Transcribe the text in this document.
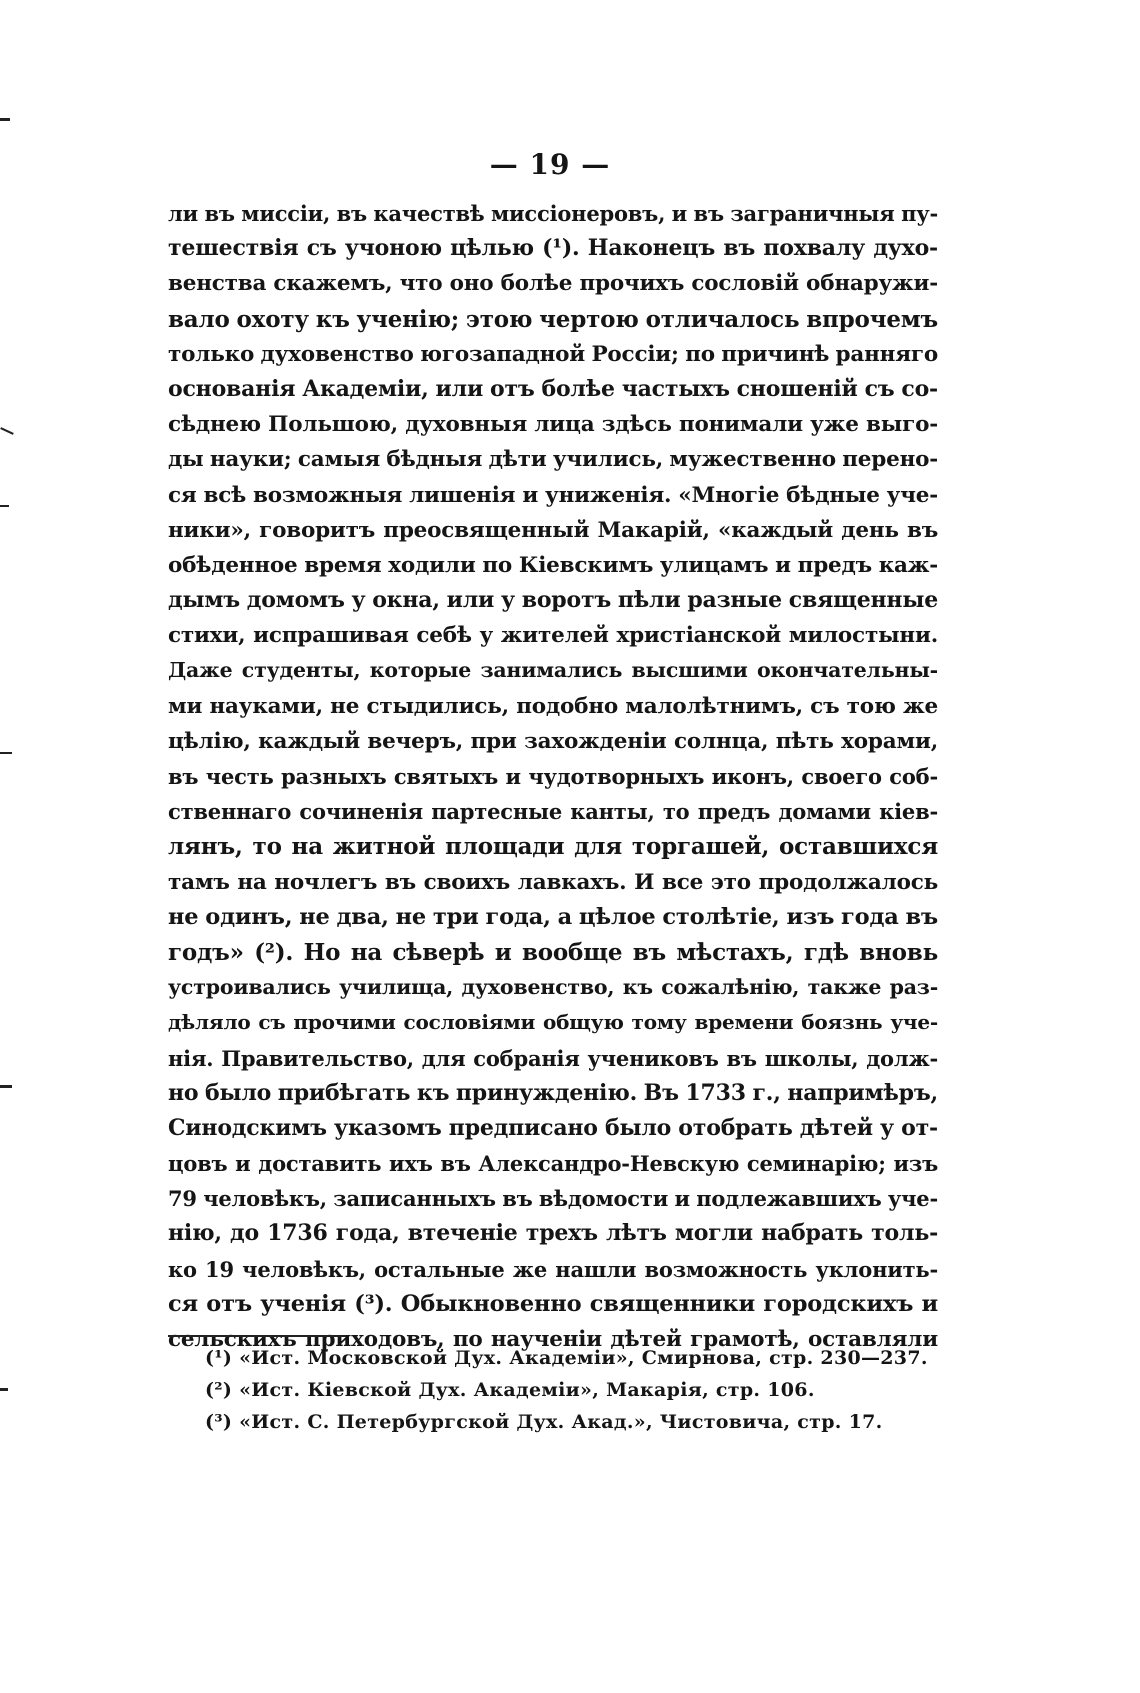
— 19 —
ли въ миссіи, въ качествѣ миссіонеровъ, и въ заграничныя пу-
тешествія съ учоною цѣлью (¹). Наконецъ въ похвалу духо-
венства скажемъ, что оно болѣе прочихъ сословій обнаружи-
вало охоту къ ученію; этою чертою отличалось впрочемъ
только духовенство югозападной Россіи; по причинѣ ранняго
основанія Академіи, или отъ болѣе частыхъ сношеній съ со-
сѣднею Польшою, духовныя лица здѣсь понимали уже выго-
ды науки; самыя бѣдныя дѣти учились, мужественно перено-
ся всѣ возможныя лишенія и униженія. «Многіе бѣдные уче-
ники», говоритъ преосвященный Макарій, «каждый день въ
обѣденное время ходили по Кіевскимъ улицамъ и предъ каж-
дымъ домомъ у окна, или у воротъ пѣли разные священные
стихи, испрашивая себѣ у жителей христіанской милостыни.
Даже студенты, которые занимались высшими окончательны-
ми науками, не стыдились, подобно малолѣтнимъ, съ тою же
цѣлію, каждый вечеръ, при захожденіи солнца, пѣть хорами,
въ честь разныхъ святыхъ и чудотворныхъ иконъ, своего соб-
ственнаго сочиненія партесные канты, то предъ домами кіев-
лянъ, то на житной площади для торгашей, оставшихся
тамъ на ночлегъ въ своихъ лавкахъ. И все это продолжалось
не одинъ, не два, не три года, а цѣлое столѣтіе, изъ года въ
годъ» (²). Но на сѣверѣ и вообще въ мѣстахъ, гдѣ вновь
устроивались училища, духовенство, къ сожалѣнію, также раз-
дѣляло съ прочими сословіями общую тому времени боязнь уче-
нія. Правительство, для собранія учениковъ въ школы, долж-
но было прибѣгать къ принужденію. Въ 1733 г., напримѣръ,
Синодскимъ указомъ предписано было отобрать дѣтей у от-
цовъ и доставить ихъ въ Александро-Невскую семинарію; изъ
79 человѣкъ, записанныхъ въ вѣдомости и подлежавшихъ уче-
нію, до 1736 года, втеченіе трехъ лѣтъ могли набрать толь-
ко 19 человѣкъ, остальные же нашли возможность уклонить-
ся отъ ученія (³). Обыкновенно священники городскихъ и
сельскихъ приходовъ, по наученіи дѣтей грамотѣ, оставляли
(¹) «Ист. Московской Дух. Академіи», Смирнова, стр. 230—237.
(²) «Ист. Кіевской Дух. Академіи», Макарія, стр. 106.
(³) «Ист. С. Петербургской Дух. Акад.», Чистовича, стр. 17.
